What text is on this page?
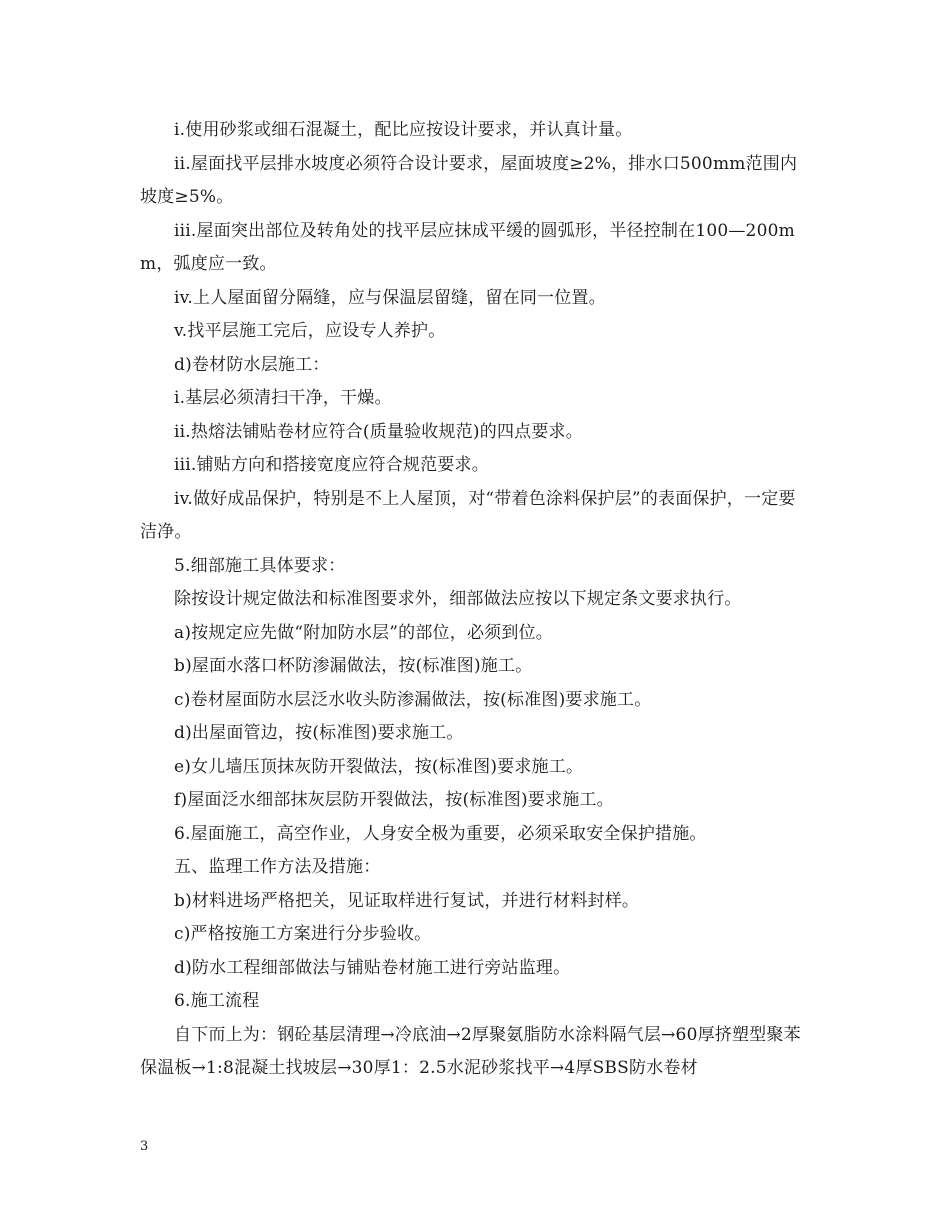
i.使用砂浆或细石混凝土，配比应按设计要求，并认真计量。

ii.屋面找平层排水坡度必须符合设计要求，屋面坡度≥2%，排水口500mm范围内坡度≥5%。

iii.屋面突出部位及转角处的找平层应抹成平缓的圆弧形，半径控制在100—200mm，弧度应一致。

iv.上人屋面留分隔缝，应与保温层留缝，留在同一位置。

v.找平层施工完后，应设专人养护。

d)卷材防水层施工：

i.基层必须清扫干净，干燥。

ii.热熔法铺贴卷材应符合(质量验收规范)的四点要求。

iii.铺贴方向和搭接宽度应符合规范要求。

iv.做好成品保护，特别是不上人屋顶，对“带着色涂料保护层”的表面保护，一定要洁净。

5.细部施工具体要求：

除按设计规定做法和标准图要求外，细部做法应按以下规定条文要求执行。

a)按规定应先做“附加防水层”的部位，必须到位。

b)屋面水落口杯防渗漏做法，按(标准图)施工。

c)卷材屋面防水层泛水收头防渗漏做法，按(标准图)要求施工。

d)出屋面管边，按(标准图)要求施工。

e)女儿墙压顶抹灰防开裂做法，按(标准图)要求施工。

f)屋面泛水细部抹灰层防开裂做法，按(标准图)要求施工。

6.屋面施工，高空作业，人身安全极为重要，必须采取安全保护措施。

五、监理工作方法及措施：

b)材料进场严格把关，见证取样进行复试，并进行材料封样。

c)严格按施工方案进行分步验收。

d)防水工程细部做法与铺贴卷材施工进行旁站监理。

6.施工流程

自下而上为：钢砼基层清理→冷底油→2厚聚氨脂防水涂料隔气层→60厚挤塑型聚苯保温板→1:8混凝土找坡层→30厚1：2.5水泥砂浆找平→4厚SBS防水卷材

3
